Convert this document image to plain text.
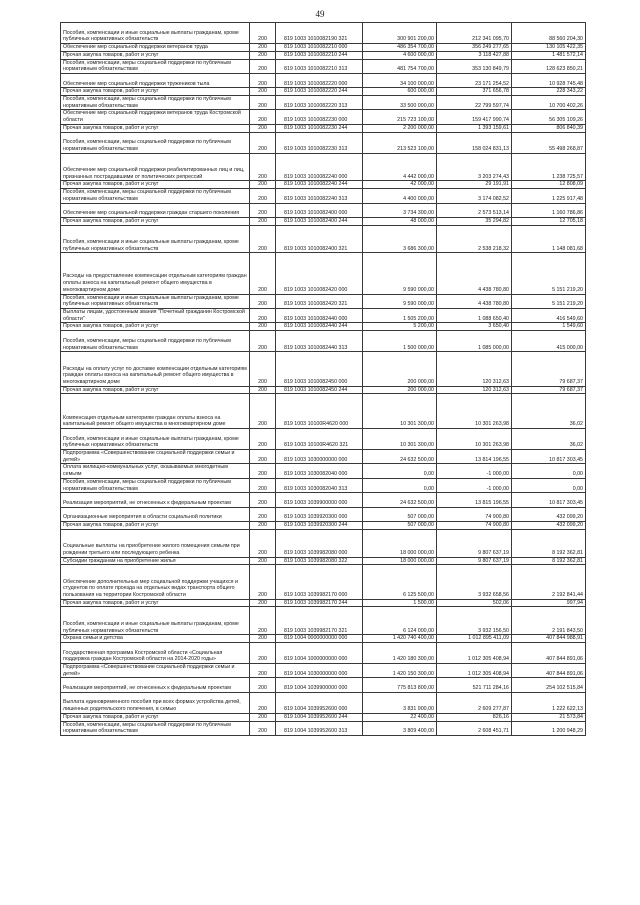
49
Пособия, компенсации и иные социальные выплаты гражданам, кроме публичных нормативных обязательств	200	819 1003 1010082190 321	300 901 200,00	212 341 095,70	88 560 204,30
Обеспечение мер социальной поддержки ветеранов труда	200	819 1003 1010082210 000	486 354 700,00	356 249 277,65	130 105 422,35
Прочая закупка товаров, работ и услуг	200	819 1003 1010082210 244	4 600 000,00	3 118 427,88	1 481 572,14
Пособия, компенсации, меры социальной поддержки по публичным нормативным обязательствам	200	819 1003 1010082210 313	481 754 700,00	353 130 849,79	128 623 850,21
Обеспечение мер социальной поддержки тружеников тыла	200	819 1003 1010082220 000	34 100 000,00	23 171 254,52	10 928 745,48
Прочая закупка товаров, работ и услуг	200	819 1003 1010082220 244	600 000,00	371 656,78	228 343,22
Пособия, компенсации, меры социальной поддержки по публичным нормативным обязательствам	200	819 1003 1010082220 313	33 500 000,00	22 799 597,74	10 700 402,26
Обеспечение мер социальной поддержки ветеранов труда Костромской области	200	819 1003 1010082230 000	215 723 100,00	159 417 990,74	56 305 109,26
Прочая закупка товаров, работ и услуг	200	819 1003 1010082230 244	2 200 000,00	1 393 159,61	806 840,39
Пособия, компенсации, меры социальной поддержки по публичным нормативным обязательствам	200	819 1003 1010082230 313	213 523 100,00	158 024 831,13	55 498 268,87
Обеспечение мер социальной поддержки реабилитированных лиц и лиц, признанных пострадавшими от политических репрессий	200	819 1003 1010082240 000	4 442 000,00	3 203 274,43	1 238 725,57
Прочая закупка товаров, работ и услуг	200	819 1003 1010082240 244	42 000,00	29 191,91	12 808,09
Пособия, компенсации, меры социальной поддержки по публичным нормативным обязательствам	200	819 1003 1010082240 313	4 400 000,00	3 174 082,52	1 225 917,48
Обеспечение мер социальной поддержки граждан старшего поколения	200	819 1003 1010082400 000	3 734 300,00	2 573 513,14	1 160 786,86
Прочая закупка товаров, работ и услуг	200	819 1003 1010082400 244	48 000,00	35 294,82	12 705,18
Пособия, компенсации и иные социальные выплаты гражданам, кроме публичных нормативных обязательств	200	819 1003 1010082400 321	3 686 300,00	2 538 218,32	1 148 081,68
Расходы на предоставление компенсации отдельным категориям граждан оплаты взноса на капитальный ремонт общего имущества в многоквартирном доме	200	819 1003 1010082420 000	9 590 000,00	4 438 780,80	5 151 219,20
Пособия, компенсации и иные социальные выплаты гражданам, кроме публичных нормативных обязательств	200	819 1003 1010082420 321	9 590 000,00	4 438 780,80	5 151 219,20
Выплаты лицам, удостоенным звания "Почетный гражданин Костромской области"	200	819 1003 1010082440 000	1 505 200,00	1 088 650,40	416 549,60
Прочая закупка товаров, работ и услуг	200	819 1003 1010082440 244	5 200,00	3 650,40	1 549,60
Пособия, компенсации, меры социальной поддержки по публичным нормативным обязательствам	200	819 1003 1010082440 313	1 500 000,00	1 085 000,00	415 000,00
Расходы на оплату услуг по доставке компенсации отдельным категориям граждан оплаты взноса на капитальный ремонт общего имущества в многоквартирном доме	200	819 1003 1010082450 000	200 000,00	120 312,63	79 687,37
Прочая закупка товаров, работ и услуг	200	819 1003 1010082450 244	200 000,00	120 312,63	79 687,37
Компенсация отдельным категориям граждан оплаты взноса на капитальный ремонт общего имущества в многоквартирном доме	200	819 1003 10100R4620 000	10 301 300,00	10 301 263,98	36,02
Пособия, компенсации и иные социальные выплаты гражданам, кроме публичных нормативных обязательств	200	819 1003 10100R4620 321	10 301 300,00	10 301 263,98	36,02
Подпрограмма «Совершенствование социальной поддержки семьи и детей»	200	819 1003 1030000000 000	24 632 500,00	13 814 196,55	10 817 303,45
Оплата жилищно-коммунальных услуг, оказываемых многодетным семьям	200	819 1003 1030082040 000	0,00	-1 000,00	0,00
Пособия, компенсации, меры социальной поддержки по публичным нормативным обязательствам	200	819 1003 1030082040 313	0,00	-1 000,00	0,00
Реализация мероприятий, не отнесенных к федеральным проектам	200	819 1003 1039900000 000	24 632 500,00	13 815 196,55	10 817 303,45
Организационные мероприятия в области социальной политики	200	819 1003 1039920300 000	507 000,00	74 900,80	432 099,20
Прочая закупка товаров, работ и услуг	200	819 1003 1039920300 244	507 000,00	74 900,80	432 099,20
Социальные выплаты на приобретение жилого помещения семьям при рождении третьего или последующего ребенка	200	819 1003 1039982080 000	18 000 000,00	9 807 637,19	8 192 362,81
Субсидии гражданам на приобретение жилья	200	819 1003 1039982080 322	18 000 000,00	9 807 637,19	8 192 362,81
Обеспечение дополнительных мер социальной поддержки учащихся и студентов по оплате проезда на отдельных видах транспорта общего пользования на территории Костромской области	200	819 1003 1039982170 000	6 125 500,00	3 932 658,56	2 192 841,44
Прочая закупка товаров, работ и услуг	200	819 1003 1039982170 244	1 500,00	502,06	997,94
Пособия, компенсации и иные социальные выплаты гражданам, кроме публичных нормативных обязательств	200	819 1003 1039982170 321	6 124 000,00	3 932 156,50	2 191 843,50
Охрана семьи и детства	200	819 1004 0000000000 000	1 420 740 400,00	1 012 895 411,09	407 844 988,91
Государственная программа Костромской области «Социальная поддержка граждан Костромской области на 2014-2020 годы»	200	819 1004 1000000000 000	1 420 180 300,00	1 012 305 408,94	407 844 891,06
Подпрограмма «Совершенствование социальной поддержки семьи и детей»	200	819 1004 1030000000 000	1 420 150 300,00	1 012 305 408,94	407 844 891,06
Реализация мероприятий, не отнесенных к федеральным проектам	200	819 1004 1039900000 000	775 813 800,00	521 711 284,16	254 102 515,84
Выплата единовременного пособия при всех формах устройства детей, лишенных родительского попечения, в семью	200	819 1004 1039952600 000	3 831 900,00	2 609 277,87	1 222 622,13
Прочая закупка товаров, работ и услуг	200	819 1004 1039952600 244	22 400,00	826,16	21 573,84
Пособия, компенсации, меры социальной поддержки по публичным нормативным обязательствам	200	819 1004 1039952600 313	3 809 400,00	2 608 451,71	1 200 948,29
